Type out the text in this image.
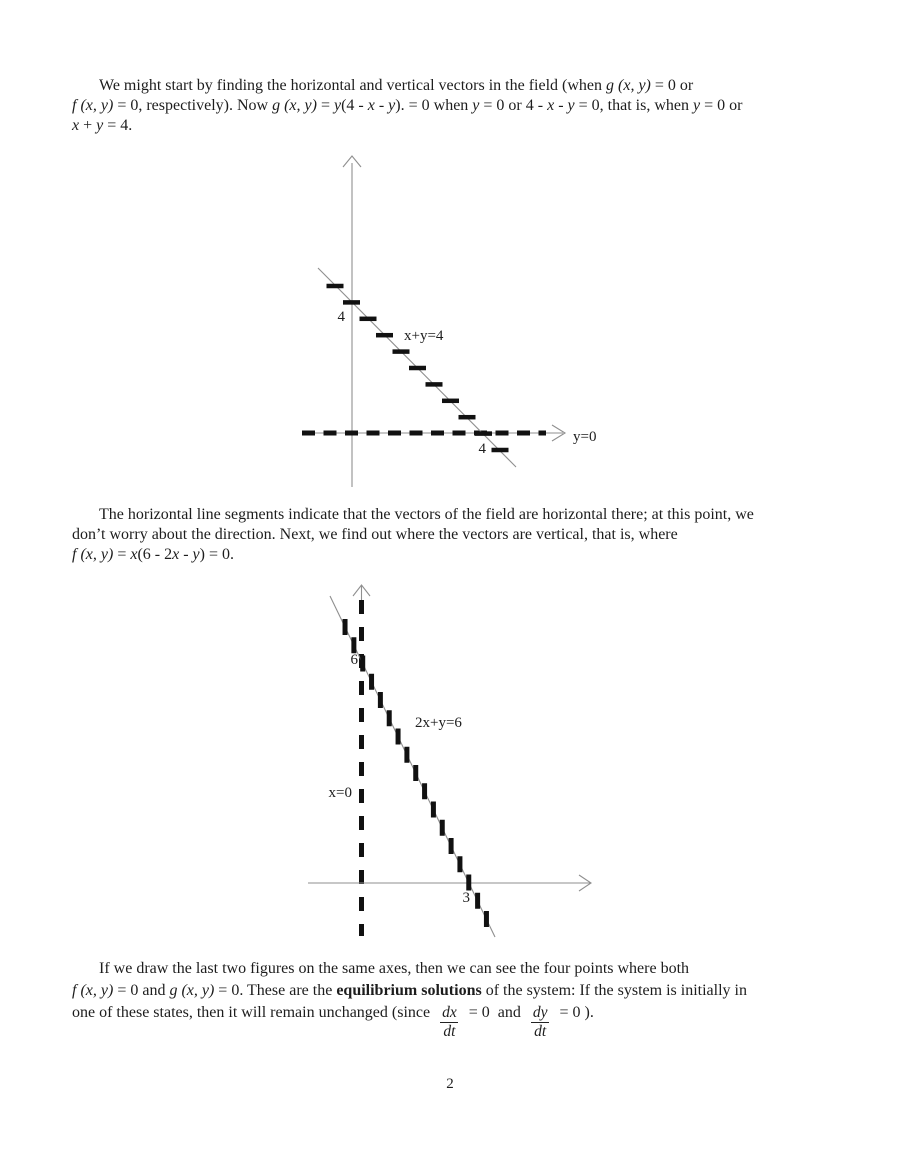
We might start by finding the horizontal and vertical vectors in the field (when g (x, y) = 0 or
f (x, y) = 0, respectively). Now g (x, y) = y(4 - x - y). = 0 when y = 0 or 4 - x - y = 0, that is, when y = 0 or
x + y = 4.
4
x+y=4
4
y=0
6
2x+y=6
x=0
3
The horizontal line segments indicate that the vectors of the field are horizontal there; at this point, we
don’t worry about the direction. Next, we find out where the vectors are vertical, that is, where
f (x, y) = x(6 - 2x - y) = 0.
If we draw the last two figures on the same axes, then we can see the four points where both
f (x, y) = 0 and g (x, y) = 0. These are the equilibrium solutions of the system: If the system is initially in
one of these states, then it will remain unchanged (since $\frac{dx}{dt} = 0$  and $\frac{dy}{dt} = 0$ ).
2
